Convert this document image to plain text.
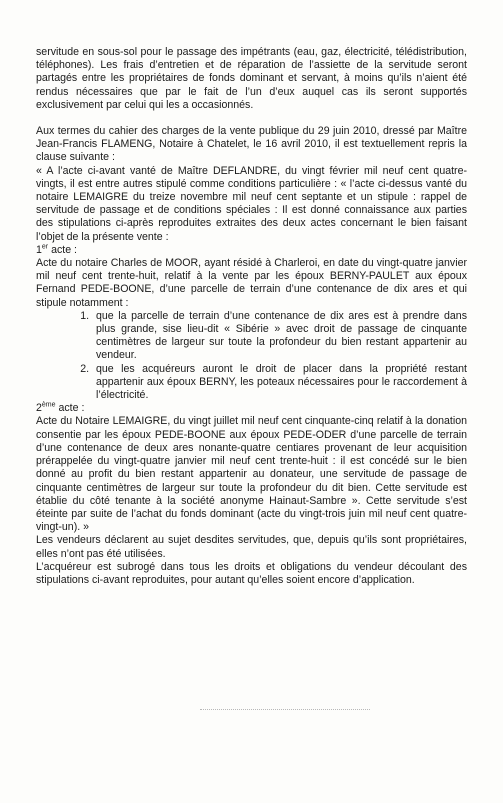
servitude en sous-sol pour le passage des impétrants (eau, gaz, électricité, télédistribution, téléphones). Les frais d’entretien et de réparation de l’assiette de la servitude seront partagés entre les propriétaires de fonds dominant et servant, à moins qu’ils n’aient été rendus nécessaires que par le fait de l’un d’eux auquel cas ils seront supportés exclusivement par celui qui les a occasionnés.

Aux termes du cahier des charges de la vente publique du 29 juin 2010, dressé par Maître Jean-Francis FLAMENG, Notaire à Chatelet, le 16 avril 2010, il est textuellement repris la clause suivante :

« A l’acte ci-avant vanté de Maître DEFLANDRE, du vingt février mil neuf cent quatre-vingts, il est entre autres stipulé comme conditions particulière : « l’acte ci-dessus vanté du notaire LEMAIGRE du treize novembre mil neuf cent septante et un stipule : rappel de servitude de passage et de conditions spéciales : Il est donné connaissance aux parties des stipulations ci-après reproduites extraites des deux actes concernant le bien faisant l’objet de la présente vente :

1er acte :

Acte du notaire Charles de MOOR, ayant résidé à Charleroi, en date du vingt-quatre janvier mil neuf cent trente-huit, relatif à la vente par les époux BERNY-PAULET aux époux Fernand PEDE-BOONE, d’une parcelle de terrain d’une contenance de dix ares et qui stipule notamment :

1. que la parcelle de terrain d’une contenance de dix ares est à prendre dans plus grande, sise lieu-dit « Sibérie » avec droit de passage de cinquante centimètres de largeur sur toute la profondeur du bien restant appartenir au vendeur.
2. que les acquéreurs auront le droit de placer dans la propriété restant appartenir aux époux BERNY, les poteaux nécessaires pour le raccordement à l’électricité.

2ème acte :

Acte du Notaire LEMAIGRE, du vingt juillet mil neuf cent cinquante-cinq relatif à la donation consentie par les époux PEDE-BOONE aux époux PEDE-ODER d’une parcelle de terrain d’une contenance de deux ares nonante-quatre centiares provenant de leur acquisition prérappelée du vingt-quatre janvier mil neuf cent trente-huit : il est concédé sur le bien donné au profit du bien restant appartenir au donateur, une servitude de passage de cinquante centimètres de largeur sur toute la profondeur du dit bien. Cette servitude est établie du côté tenante à la société anonyme Hainaut-Sambre ». Cette servitude s’est éteinte par suite de l’achat du fonds dominant (acte du vingt-trois juin mil neuf cent quatre-vingt-un). »

Les vendeurs déclarent au sujet desdites servitudes, que, depuis qu’ils sont propriétaires, elles n’ont pas été utilisées.

L’acquéreur est subrogé dans tous les droits et obligations du vendeur découlant des stipulations ci-avant reproduites, pour autant qu’elles soient encore d’application.
